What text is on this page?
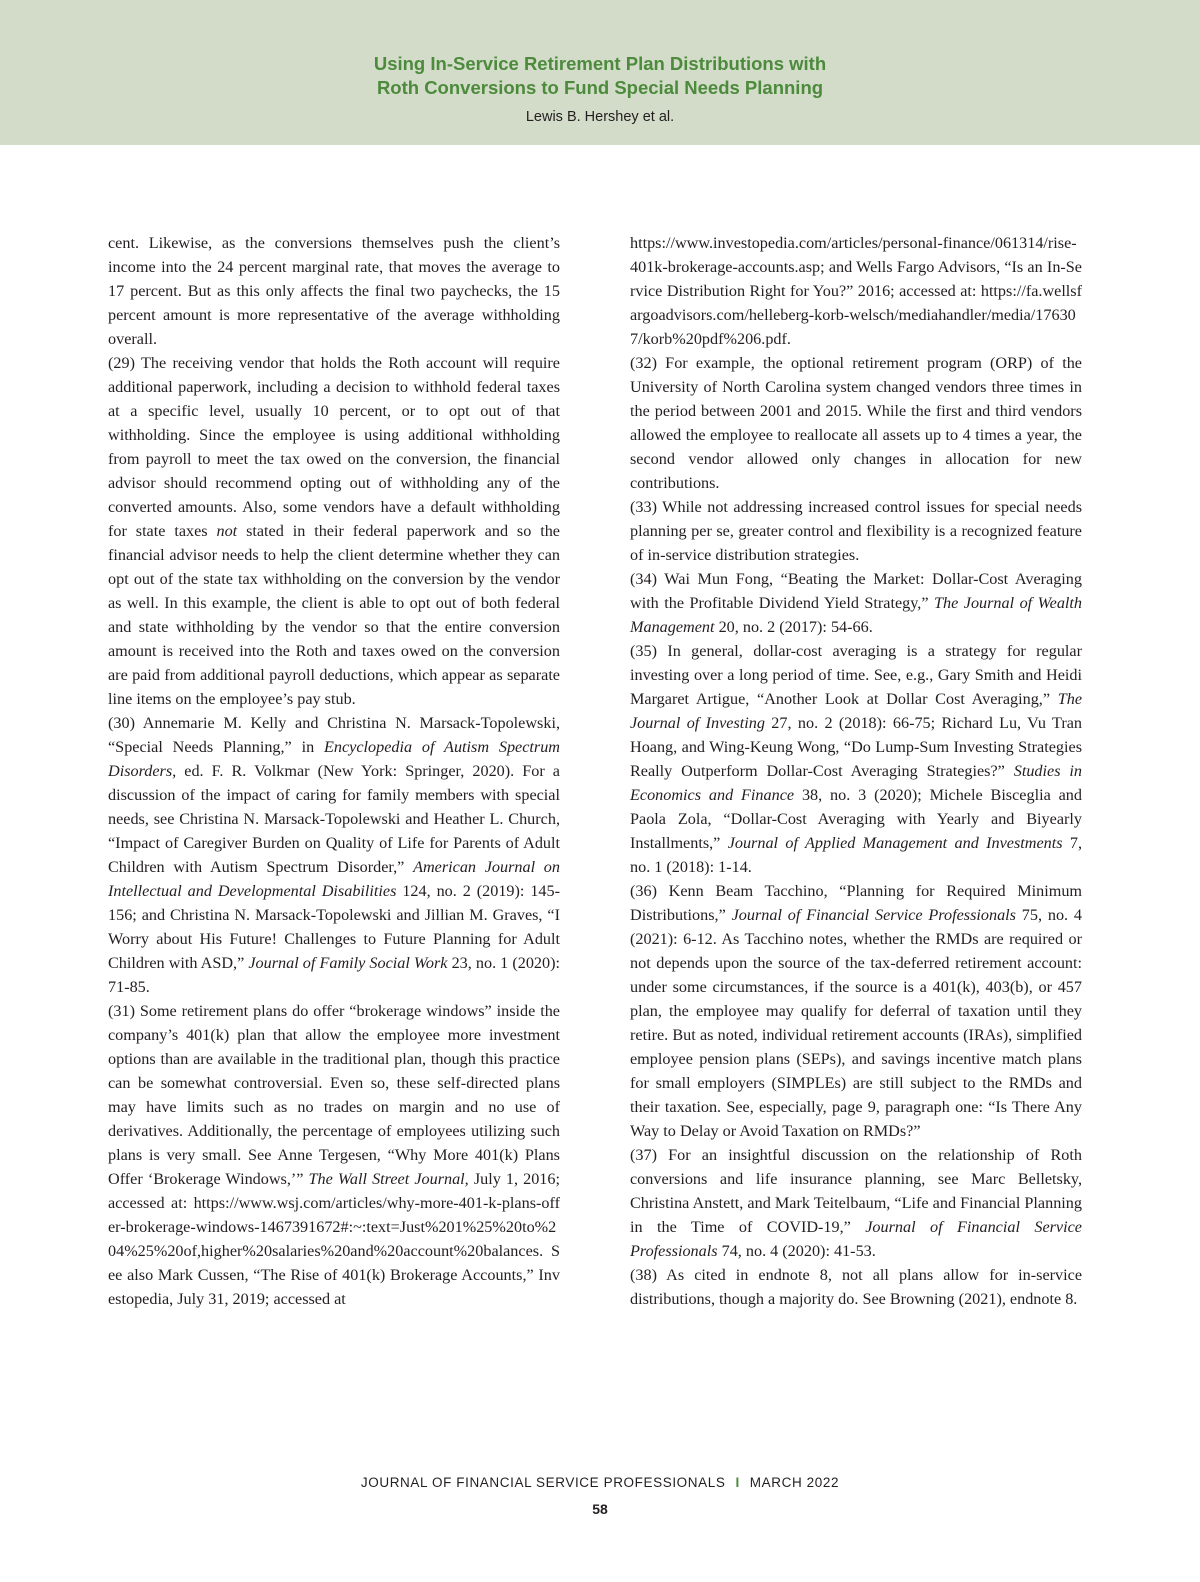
Using In-Service Retirement Plan Distributions with
Roth Conversions to Fund Special Needs Planning
Lewis B. Hershey et al.

cent. Likewise, as the conversions themselves push the client’s income into the 24 percent marginal rate, that moves the average to 17 percent. But as this only affects the final two paychecks, the 15 percent amount is more representative of the average withholding overall.

(29) The receiving vendor that holds the Roth account will require additional paperwork, including a decision to withhold federal taxes at a specific level, usually 10 percent, or to opt out of that withholding. Since the employee is using additional withholding from payroll to meet the tax owed on the conversion, the financial advisor should recommend opting out of withholding any of the converted amounts. Also, some vendors have a default withholding for state taxes not stated in their federal paperwork and so the financial advisor needs to help the client determine whether they can opt out of the state tax withholding on the conversion by the vendor as well. In this example, the client is able to opt out of both federal and state withholding by the vendor so that the entire conversion amount is received into the Roth and taxes owed on the conversion are paid from additional payroll deductions, which appear as separate line items on the employee’s pay stub.

(30) Annemarie M. Kelly and Christina N. Marsack-Topolewski, “Special Needs Planning,” in Encyclopedia of Autism Spectrum Disorders, ed. F. R. Volkmar (New York: Springer, 2020). For a discussion of the impact of caring for family members with special needs, see Christina N. Marsack-Topolewski and Heather L. Church, “Impact of Caregiver Burden on Quality of Life for Parents of Adult Children with Autism Spectrum Disorder,” American Journal on Intellectual and Developmental Disabilities 124, no. 2 (2019): 145-156; and Christina N. Marsack-Topolewski and Jillian M. Graves, “I Worry about His Future! Challenges to Future Planning for Adult Children with ASD,” Journal of Family Social Work 23, no. 1 (2020): 71-85.

(31) Some retirement plans do offer “brokerage windows” inside the company’s 401(k) plan that allow the employee more investment options than are available in the traditional plan, though this practice can be somewhat controversial. Even so, these self-directed plans may have limits such as no trades on margin and no use of derivatives. Additionally, the percentage of employees utilizing such plans is very small. See Anne Tergesen, “Why More 401(k) Plans Offer ‘Brokerage Windows,’” The Wall Street Journal, July 1, 2016; accessed at: https://www.wsj.com/articles/why-more-401-k-plans-offer-brokerage-windows-1467391672#:~:text=Just%201%25%20to%204%25%20of,higher%20salaries%20and%20account%20balances. See also Mark Cussen, “The Rise of 401(k) Brokerage Accounts,” Investopedia, July 31, 2019; accessed at

https://www.investopedia.com/articles/personal-finance/061314/rise-401k-brokerage-accounts.asp; and Wells Fargo Advisors, “Is an In-Service Distribution Right for You?” 2016; accessed at: https://fa.wellsfargoadvisors.com/helleberg-korb-welsch/mediahandler/media/176307/korb%20pdf%206.pdf.

(32) For example, the optional retirement program (ORP) of the University of North Carolina system changed vendors three times in the period between 2001 and 2015. While the first and third vendors allowed the employee to reallocate all assets up to 4 times a year, the second vendor allowed only changes in allocation for new contributions.

(33) While not addressing increased control issues for special needs planning per se, greater control and flexibility is a recognized feature of in-service distribution strategies.

(34) Wai Mun Fong, “Beating the Market: Dollar-Cost Averaging with the Profitable Dividend Yield Strategy,” The Journal of Wealth Management 20, no. 2 (2017): 54-66.

(35) In general, dollar-cost averaging is a strategy for regular investing over a long period of time. See, e.g., Gary Smith and Heidi Margaret Artigue, “Another Look at Dollar Cost Averaging,” The Journal of Investing 27, no. 2 (2018): 66-75; Richard Lu, Vu Tran Hoang, and Wing-Keung Wong, “Do Lump-Sum Investing Strategies Really Outperform Dollar-Cost Averaging Strategies?” Studies in Economics and Finance 38, no. 3 (2020); Michele Bisceglia and Paola Zola, “Dollar-Cost Averaging with Yearly and Biyearly Installments,” Journal of Applied Management and Investments 7, no. 1 (2018): 1-14.

(36) Kenn Beam Tacchino, “Planning for Required Minimum Distributions,” Journal of Financial Service Professionals 75, no. 4 (2021): 6-12. As Tacchino notes, whether the RMDs are required or not depends upon the source of the tax-deferred retirement account: under some circumstances, if the source is a 401(k), 403(b), or 457 plan, the employee may qualify for deferral of taxation until they retire. But as noted, individual retirement accounts (IRAs), simplified employee pension plans (SEPs), and savings incentive match plans for small employers (SIMPLEs) are still subject to the RMDs and their taxation. See, especially, page 9, paragraph one: “Is There Any Way to Delay or Avoid Taxation on RMDs?”

(37) For an insightful discussion on the relationship of Roth conversions and life insurance planning, see Marc Belletsky, Christina Anstett, and Mark Teitelbaum, “Life and Financial Planning in the Time of COVID-19,” Journal of Financial Service Professionals 74, no. 4 (2020): 41-53.

(38) As cited in endnote 8, not all plans allow for in-service distributions, though a majority do. See Browning (2021), endnote 8.

JOURNAL OF FINANCIAL SERVICE PROFESSIONALS I MARCH 2022
58
